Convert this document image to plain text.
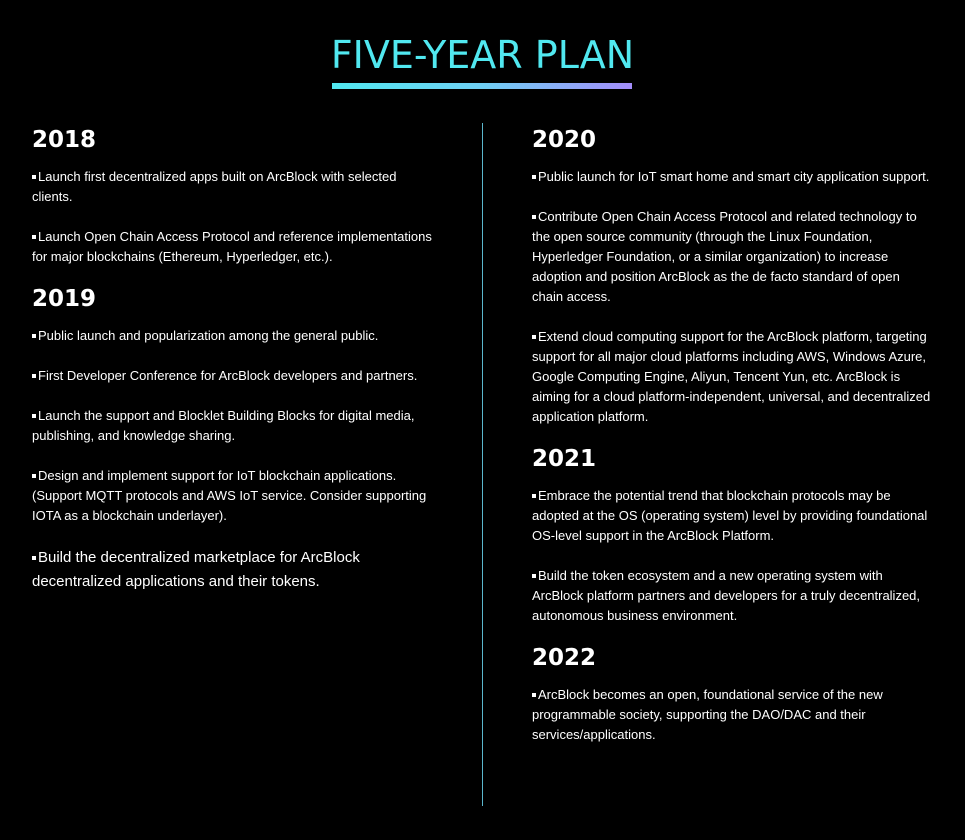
FIVE-YEAR PLAN
2018

Launch first decentralized apps built on ArcBlock with selected clients.

Launch Open Chain Access Protocol and reference implementations for major blockchains (Ethereum, Hyperledger, etc.).

2019

Public launch and popularization among the general public.

First Developer Conference for ArcBlock developers and partners.

Launch the support and Blocklet Building Blocks for digital media, publishing, and knowledge sharing.

Design and implement support for IoT blockchain applications. (Support MQTT protocols and AWS IoT service. Consider supporting IOTA as a blockchain underlayer).

Build the decentralized marketplace for ArcBlock decentralized applications and their tokens.

2020

Public launch for IoT smart home and smart city application support.

Contribute Open Chain Access Protocol and related technology to the open source community (through the Linux Foundation, Hyperledger Foundation, or a similar organization) to increase adoption and position ArcBlock as the de facto standard of open chain access.

Extend cloud computing support for the ArcBlock platform, targeting support for all major cloud platforms including AWS, Windows Azure, Google Computing Engine, Aliyun, Tencent Yun, etc. ArcBlock is aiming for a cloud platform-independent, universal, and decentralized application platform.

2021

Embrace the potential trend that blockchain protocols may be adopted at the OS (operating system) level by providing foundational OS-level support in the ArcBlock Platform.

Build the token ecosystem and a new operating system with ArcBlock platform partners and developers for a truly decentralized, autonomous business environment.

2022

ArcBlock becomes an open, foundational service of the new programmable society, supporting the DAO/DAC and their services/applications.
